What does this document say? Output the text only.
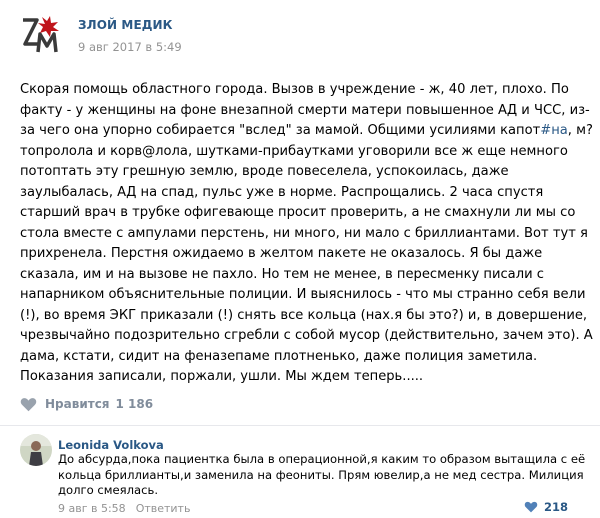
ЗЛОЙ МЕДИК
9 авг 2017 в 5:49
Скорая помощь областного города. Вызов в учреждение - ж, 40 лет, плохо. По факту - у женщины на фоне внезапной смерти матери повышенное АД и ЧСС, из-за чего она упорно собирается "вслед" за мамой. Общими усилиями капот#на, м?топролола и корв@лола, шутками-прибаутками уговорили все ж еще немного потоптать эту грешную землю, вроде повеселела, успокоилась, даже заулыбалась, АД на спад, пульс уже в норме. Распрощались. 2 часа спустя старший врач в трубке офигевающе просит проверить, а не смахнули ли мы со стола вместе с ампулами перстень, ни много, ни мало с бриллиантами. Вот тут я прихренела. Перстня ожидаемо в желтом пакете не оказалось. Я бы даже сказала, им и на вызове не пахло. Но тем не менее, в пересменку писали с напарником объяснительные полиции. И выяснилось - что мы странно себя вели (!), во время ЭКГ приказали (!) снять все кольца (нах.я бы это?) и, в довершение, чрезвычайно подозрительно сгребли с собой мусор (действительно, зачем это). А дама, кстати, сидит на феназепаме плотненько, даже полиция заметила. Показания записали, поржали, ушли. Мы ждем теперь.....
Нравится 1 186
Leonida Volkova
До абсурда,пока пациентка была в операционной,я каким то образом вытащила с её кольца бриллианты,и заменила на феониты. Прям ювелир,а не мед сестра. Милиция долго смеялась.
9 авг в 5:58 Ответить	218
